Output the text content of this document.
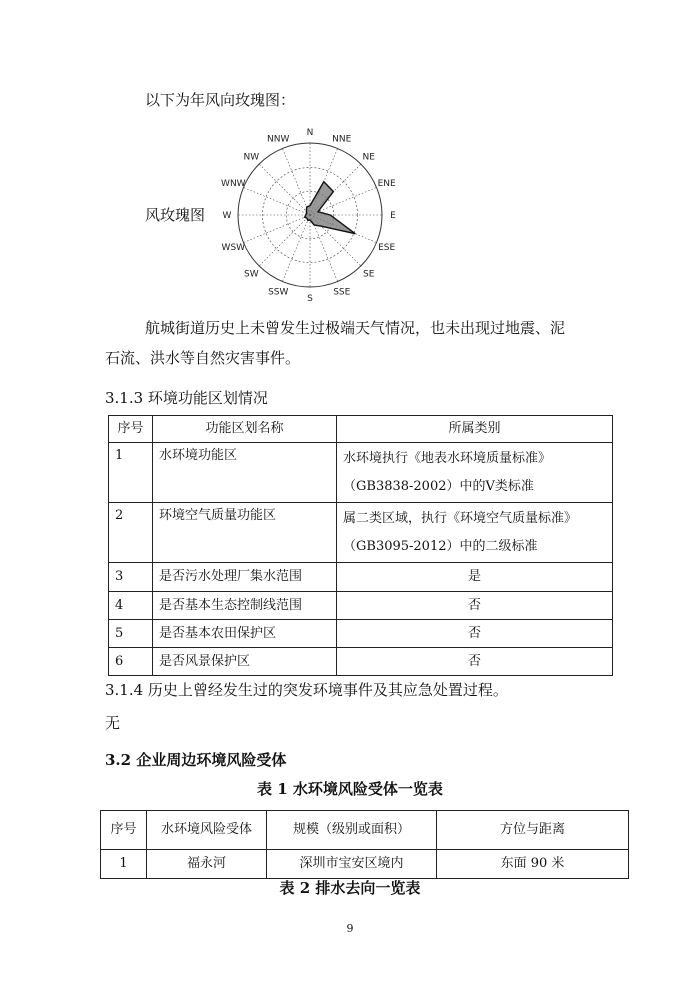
以下为年风向玫瑰图：
风玫瑰图
N
NNE
NE
ENE
E
ESE
SE
SSE
S
SSW
SW
WSW
W
WNW
NW
NNW
航城街道历史上未曾发生过极端天气情况，也未出现过地震、泥
石流、洪水等自然灾害事件。
3.1.3 环境功能区划情况
序号	功能区划名称	所属类别
1	水环境功能区	水环境执行《地表水环境质量标准》
（GB3838-2002）中的Ⅴ类标准

2	环境空气质量功能区	属二类区域，执行《环境空气质量标准》
（GB3095-2012）中的二级标准

3	是否污水处理厂集水范围	是
4	是否基本生态控制线范围	否
5	是否基本农田保护区	否
6	是否风景保护区	否
3.1.4 历史上曾经发生过的突发环境事件及其应急处置过程。
无
3.2 企业周边环境风险受体
表 1 水环境风险受体一览表
序号	水环境风险受体	规模（级别或面积）	方位与距离
1	福永河	深圳市宝安区境内	东面 90 米
表 2 排水去向一览表
9
